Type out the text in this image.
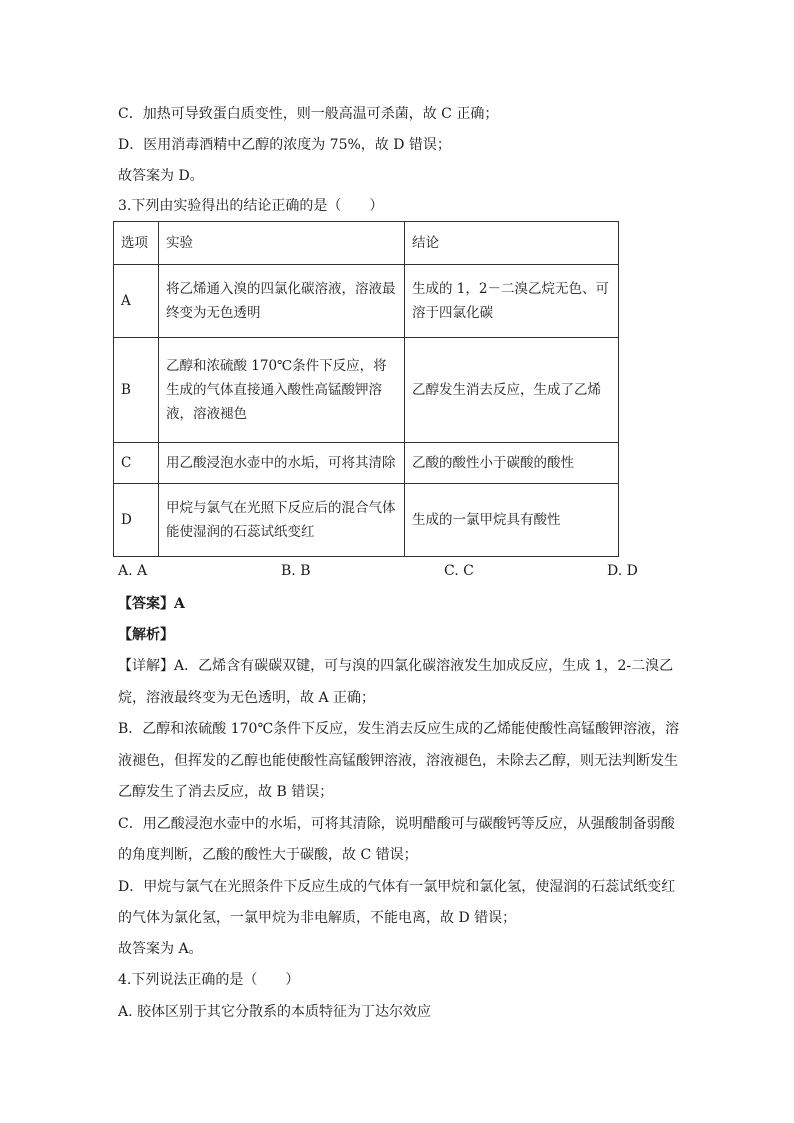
C．加热可导致蛋白质变性，则一般高温可杀菌，故 C 正确；
D．医用消毒酒精中乙醇的浓度为 75%，故 D 错误；
故答案为 D。
3.下列由实验得出的结论正确的是（　　）
选项	实验	结论
A	将乙烯通入溴的四氯化碳溶液，溶液最终变为无色透明	生成的 1，2－二溴乙烷无色、可溶于四氯化碳
B	乙醇和浓硫酸 170℃条件下反应，将生成的气体直接通入酸性高锰酸钾溶液，溶液褪色	乙醇发生消去反应，生成了乙烯
C	用乙酸浸泡水壶中的水垢，可将其清除	乙酸的酸性小于碳酸的酸性
D	甲烷与氯气在光照下反应后的混合气体能使湿润的石蕊试纸变红	生成的一氯甲烷具有酸性
A. A	B. B	C. C	D. D
【答案】A
【解析】
【详解】A．乙烯含有碳碳双键，可与溴的四氯化碳溶液发生加成反应，生成 1，2-二溴乙
烷，溶液最终变为无色透明，故 A 正确；
B．乙醇和浓硫酸 170℃条件下反应，发生消去反应生成的乙烯能使酸性高锰酸钾溶液，溶
液褪色，但挥发的乙醇也能使酸性高锰酸钾溶液，溶液褪色，未除去乙醇，则无法判断发生
乙醇发生了消去反应，故 B 错误；
C．用乙酸浸泡水壶中的水垢，可将其清除，说明醋酸可与碳酸钙等反应，从强酸制备弱酸
的角度判断，乙酸的酸性大于碳酸，故 C 错误；
D．甲烷与氯气在光照条件下反应生成的气体有一氯甲烷和氯化氢，使湿润的石蕊试纸变红
的气体为氯化氢，一氯甲烷为非电解质，不能电离，故 D 错误；
故答案为 A。
4.下列说法正确的是（　　）
A. 胶体区别于其它分散系的本质特征为丁达尔效应
